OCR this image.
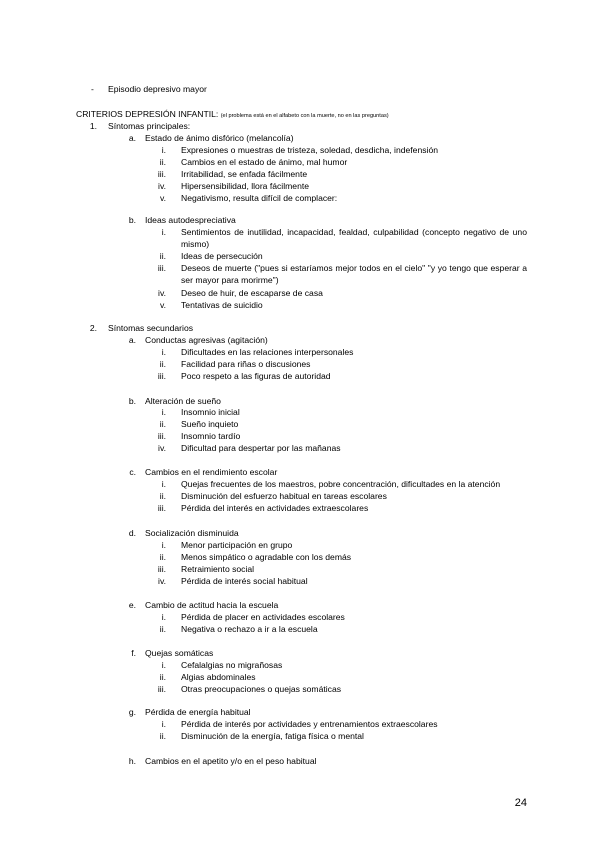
- Episodio depresivo mayor
CRITERIOS DEPRESIÓN INFANTIL: (el problema está en el alfabeto con la muerte, no en las preguntas)
1. Síntomas principales:
a. Estado de ánimo disfórico (melancolía)
i. Expresiones o muestras de tristeza, soledad, desdicha, indefensión
ii. Cambios en el estado de ánimo, mal humor
iii. Irritabilidad, se enfada fácilmente
iv. Hipersensibilidad, llora fácilmente
v. Negativismo, resulta difícil de complacer:
b. Ideas autodespreciativa
i. Sentimientos de inutilidad, incapacidad, fealdad, culpabilidad (concepto negativo de uno mismo)
ii. Ideas de persecución
iii. Deseos de muerte ("pues si estaríamos mejor todos en el cielo" "y yo tengo que esperar a ser mayor para morirme")
iv. Deseo de huir, de escaparse de casa
v. Tentativas de suicidio
2. Síntomas secundarios
a. Conductas agresivas (agitación)
i. Dificultades en las relaciones interpersonales
ii. Facilidad para riñas o discusiones
iii. Poco respeto a las figuras de autoridad
b. Alteración de sueño
i. Insomnio inicial
ii. Sueño inquieto
iii. Insomnio tardío
iv. Dificultad para despertar por las mañanas
c. Cambios en el rendimiento escolar
i. Quejas frecuentes de los maestros, pobre concentración, dificultades en la atención
ii. Disminución del esfuerzo habitual en tareas escolares
iii. Pérdida del interés en actividades extraescolares
d. Socialización disminuida
i. Menor participación en grupo
ii. Menos simpático o agradable con los demás
iii. Retraimiento social
iv. Pérdida de interés social habitual
e. Cambio de actitud hacia la escuela
i. Pérdida de placer en actividades escolares
ii. Negativa o rechazo a ir a la escuela
f. Quejas somáticas
i. Cefalalgias no migrañosas
ii. Algias abdominales
iii. Otras preocupaciones o quejas somáticas
g. Pérdida de energía habitual
i. Pérdida de interés por actividades y entrenamientos extraescolares
ii. Disminución de la energía, fatiga física o mental
h. Cambios en el apetito y/o en el peso habitual
24
